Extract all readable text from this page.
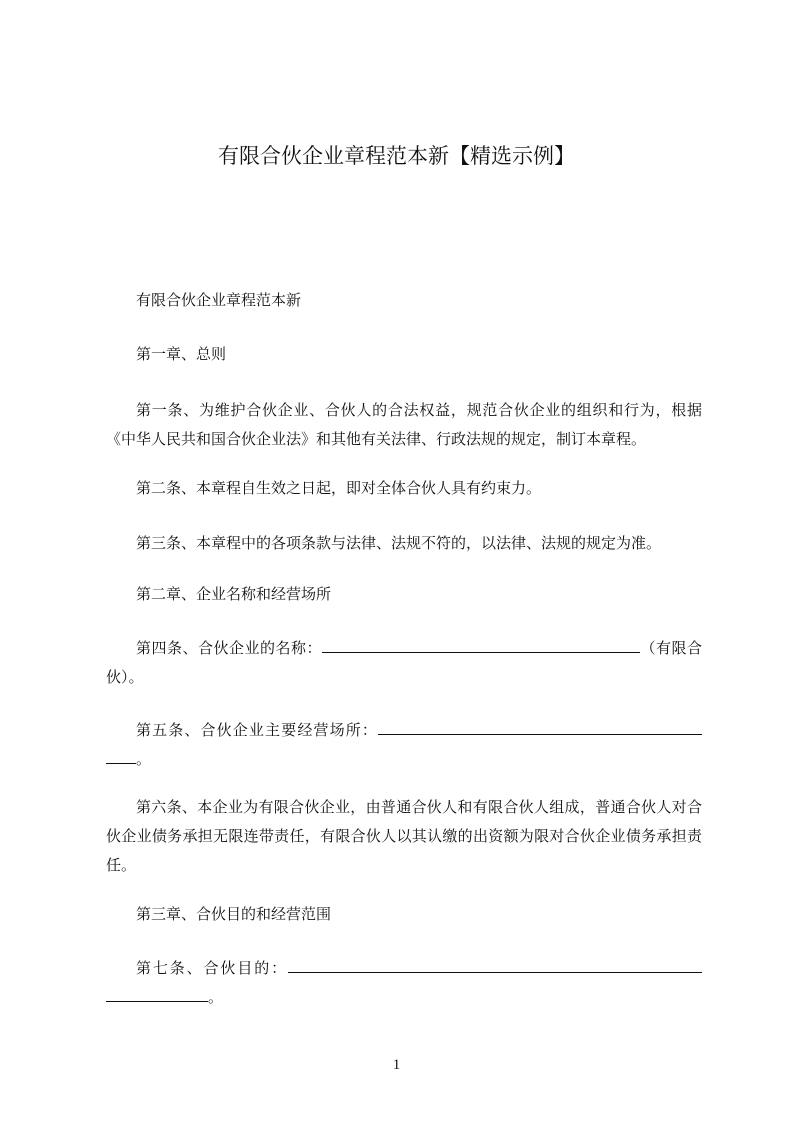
有限合伙企业章程范本新【精选示例】

有限合伙企业章程范本新

第一章、总则

第一条、为维护合伙企业、合伙人的合法权益，规范合伙企业的组织和行为，根据《中华人民共和国合伙企业法》和其他有关法律、行政法规的规定，制订本章程。

第二条、本章程自生效之日起，即对全体合伙人具有约束力。

第三条、本章程中的各项条款与法律、法规不符的，以法律、法规的规定为准。

第二章、企业名称和经营场所

第四条、合伙企业的名称：	（有限合伙）。

第五条、合伙企业主要经营场所：。

第六条、本企业为有限合伙企业，由普通合伙人和有限合伙人组成，普通合伙人对合伙企业债务承担无限连带责任，有限合伙人以其认缴的出资额为限对合伙企业债务承担责任。

第三章、合伙目的和经营范围

第七条、合伙目的：。

1
